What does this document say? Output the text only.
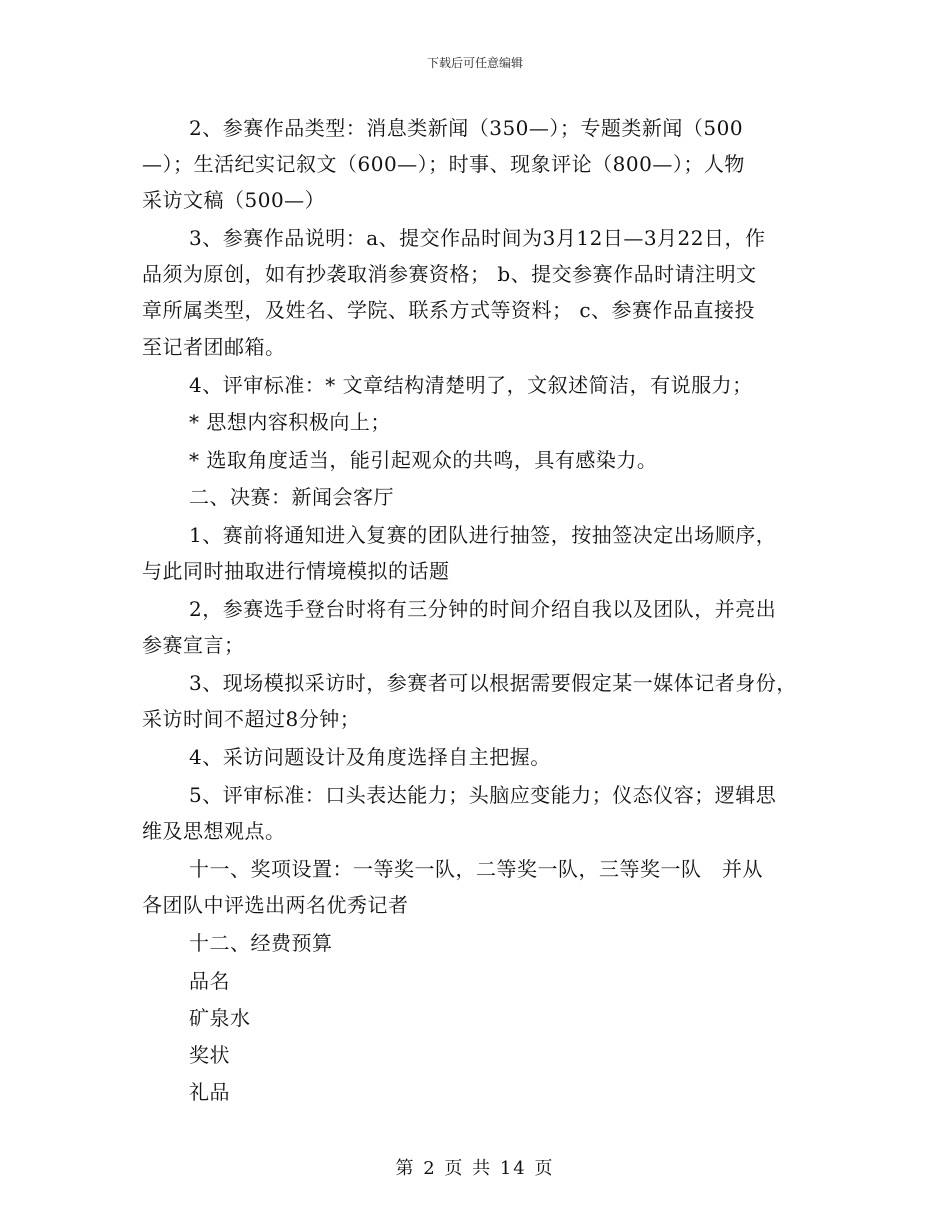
下载后可任意编辑
2、参赛作品类型：消息类新闻（350—）；专题类新闻（500
—）；生活纪实记叙文（600—）；时事、现象评论（800—）；人物
采访文稿（500—）
3、参赛作品说明：a、提交作品时间为3月12日—3月22日，作
品须为原创，如有抄袭取消参赛资格； b、提交参赛作品时请注明文
章所属类型，及姓名、学院、联系方式等资料； c、参赛作品直接投
至记者团邮箱。
4、评审标准：* 文章结构清楚明了，文叙述简洁，有说服力；
* 思想内容积极向上；
* 选取角度适当，能引起观众的共鸣，具有感染力。
二、决赛：新闻会客厅
1、赛前将通知进入复赛的团队进行抽签，按抽签决定出场顺序，
与此同时抽取进行情境模拟的话题
2，参赛选手登台时将有三分钟的时间介绍自我以及团队，并亮出
参赛宣言；
3、现场模拟采访时，参赛者可以根据需要假定某一媒体记者身份，
采访时间不超过8分钟；
4、采访问题设计及角度选择自主把握。
5、评审标准：口头表达能力；头脑应变能力；仪态仪容；逻辑思
维及思想观点。
十一、奖项设置：一等奖一队，二等奖一队，三等奖一队　并从
各团队中评选出两名优秀记者
十二、经费预算
品名
矿泉水
奖状
礼品
第 2 页 共 14 页
